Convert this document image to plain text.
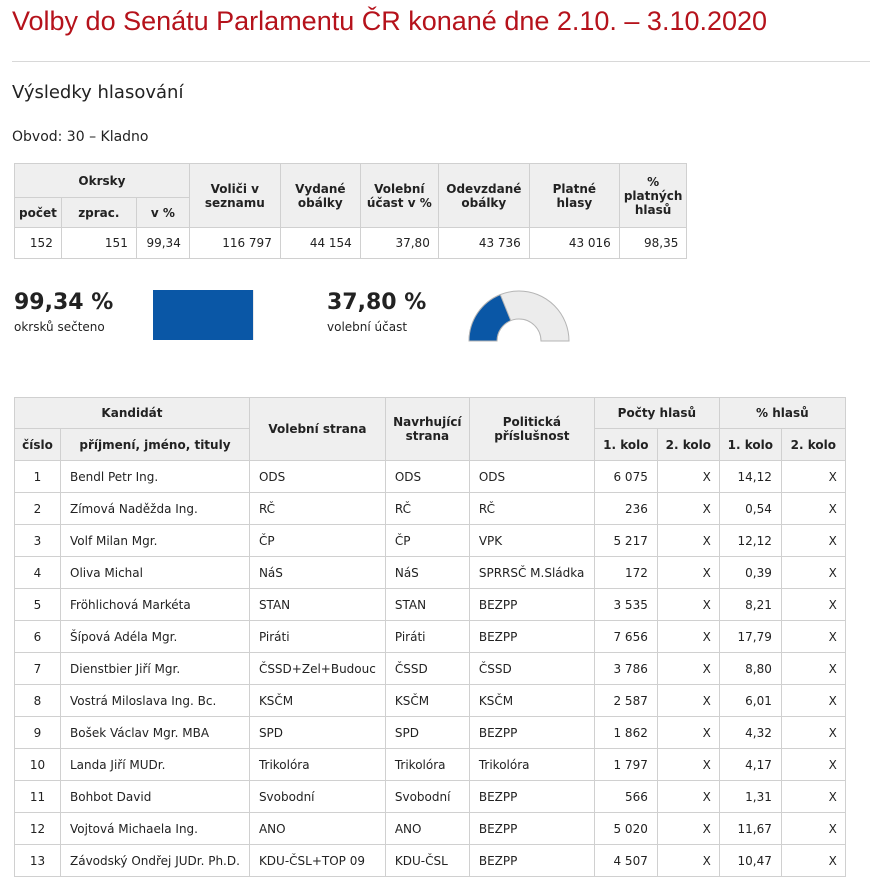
Volby do Senátu Parlamentu ČR konané dne 2.10. – 3.10.2020
Výsledky hlasování
Obvod: 30 – Kladno
Okrsky			Voliči v seznamu	Vydané obálky	Volební účast v %	Odevzdané obálky	Platné hlasy	% platných hlasů
počet	zprac.	v %						
152	151	99,34	116 797	44 154	37,80	43 736	43 016	98,35
99,34 %
okrsků sečteno
37,80 %
volební účast
Kandidát		Volební strana	Navrhující strana	Politická příslušnost	Počty hlasů		% hlasů	
číslo	příjmení, jméno, tituly				1. kolo	2. kolo	1. kolo	2. kolo
1	Bendl Petr Ing.	ODS	ODS	ODS	6 075	X	14,12	X
2	Zímová Naděžda Ing.	RČ	RČ	RČ	236	X	0,54	X
3	Volf Milan Mgr.	ČP	ČP	VPK	5 217	X	12,12	X
4	Oliva Michal	NáS	NáS	SPRRSČ M.Sládka	172	X	0,39	X
5	Fröhlichová Markéta	STAN	STAN	BEZPP	3 535	X	8,21	X
6	Šípová Adéla Mgr.	Piráti	Piráti	BEZPP	7 656	X	17,79	X
7	Dienstbier Jiří Mgr.	ČSSD+Zel+Budouc	ČSSD	ČSSD	3 786	X	8,80	X
8	Vostrá Miloslava Ing. Bc.	KSČM	KSČM	KSČM	2 587	X	6,01	X
9	Bošek Václav Mgr. MBA	SPD	SPD	BEZPP	1 862	X	4,32	X
10	Landa Jiří MUDr.	Trikolóra	Trikolóra	Trikolóra	1 797	X	4,17	X
11	Bohbot David	Svobodní	Svobodní	BEZPP	566	X	1,31	X
12	Vojtová Michaela Ing.	ANO	ANO	BEZPP	5 020	X	11,67	X
13	Závodský Ondřej JUDr. Ph.D.	KDU-ČSL+TOP 09	KDU-ČSL	BEZPP	4 507	X	10,47	X
